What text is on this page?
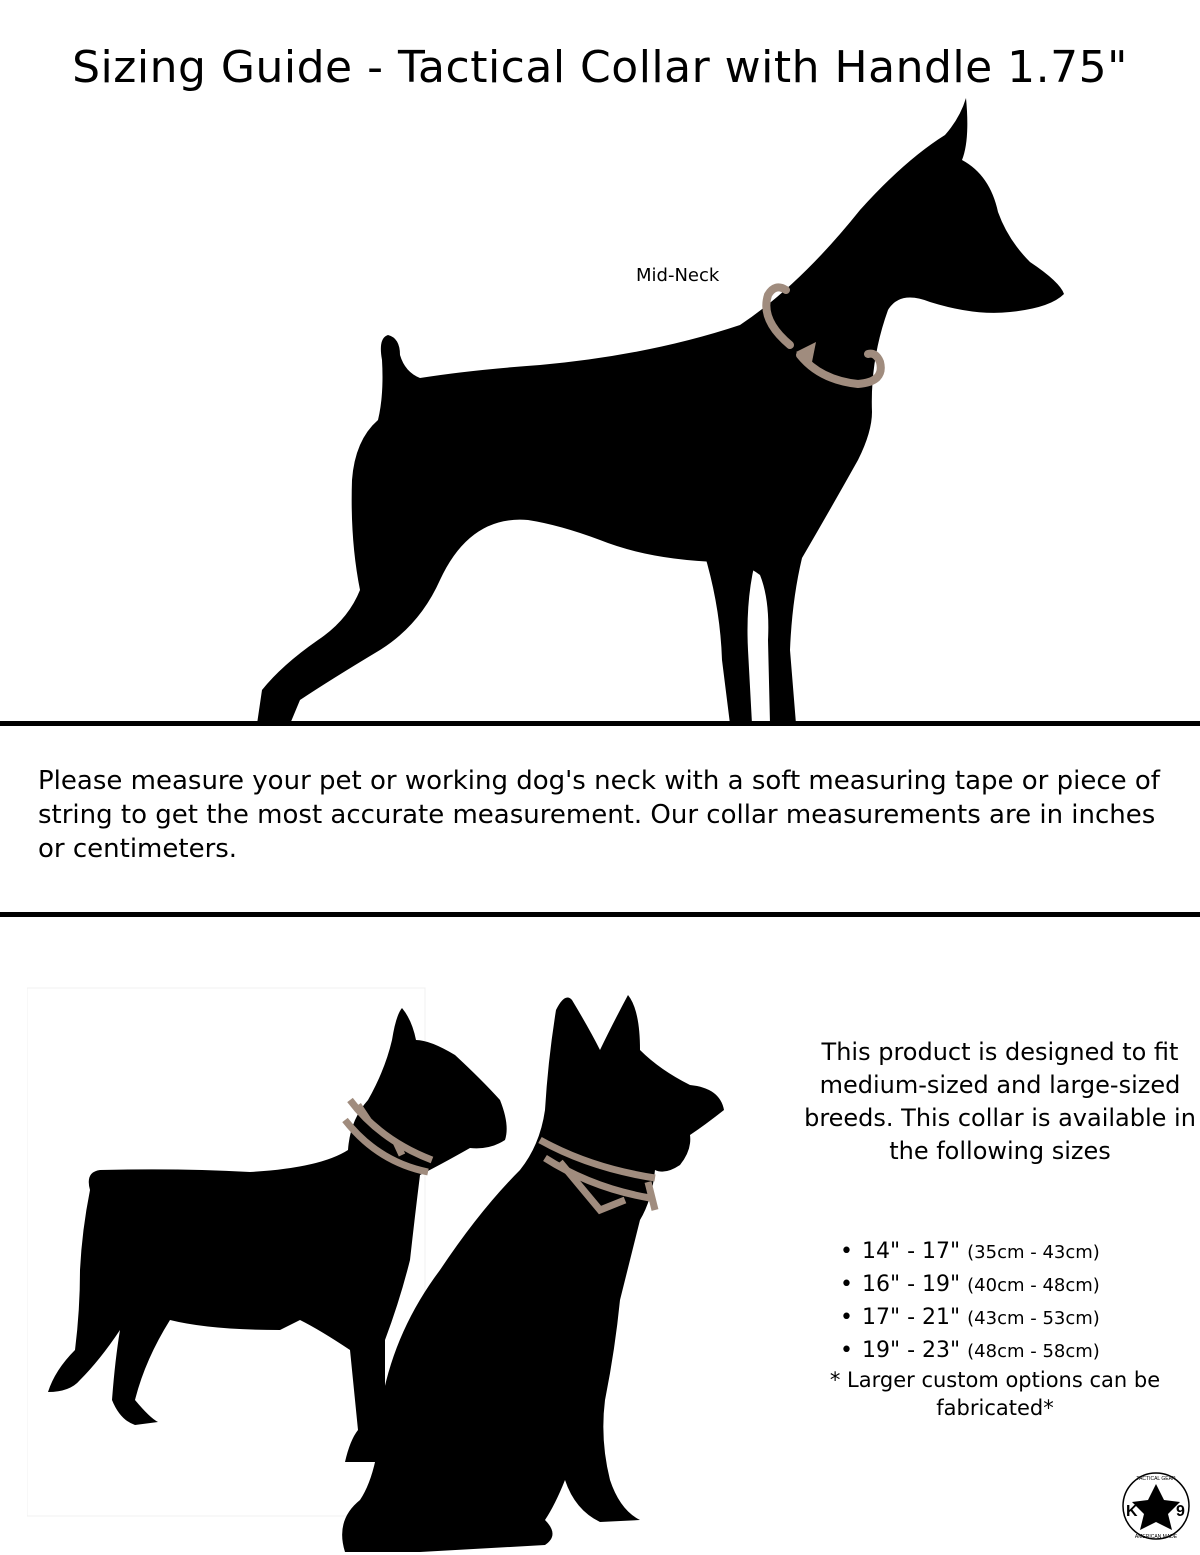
Sizing Guide - Tactical Collar with Handle 1.75"
Mid-Neck
Please measure your pet or working dog's neck with a soft measuring tape or piece of string to get the most accurate measurement. Our collar measurements are in inches or centimeters.
This product is designed to fit medium-sized and large-sized breeds. This collar is available in the following sizes
• 14" - 17" (35cm - 43cm)
• 16" - 19" (40cm - 48cm)
• 17" - 21" (43cm - 53cm)
• 19" - 23" (48cm - 58cm)
* Larger custom options can be fabricated*
K 9
TACTICAL GEAR
AMERICAN MADE
